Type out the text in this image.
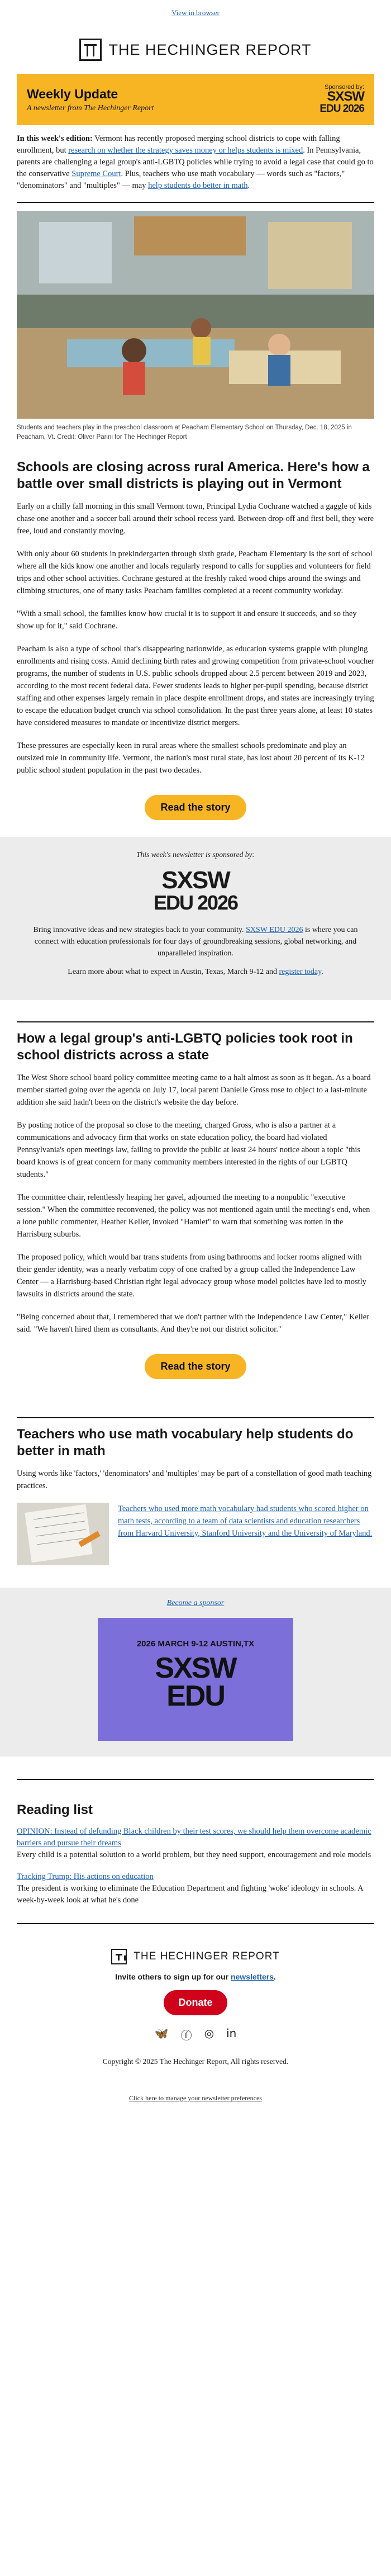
View in browser
THE HECHINGER REPORT
Weekly Update
A newsletter from The Hechinger Report
Sponsored by:
SXSW
EDU 2026
In this week's edition: Vermont has recently proposed merging school districts to cope with falling enrollment, but research on whether the strategy saves money or helps students is mixed. In Pennsylvania, parents are challenging a legal group's anti-LGBTQ policies while trying to avoid a legal case that could go to the conservative Supreme Court. Plus, teachers who use math vocabulary — words such as "factors," "denominators" and "multiples" — may help students do better in math.
Students and teachers play in the preschool classroom at Peacham Elementary School on Thursday, Dec. 18, 2025 in Peacham, Vt. Credit: Oliver Parini for The Hechinger Report
Schools are closing across rural America. Here's how a battle over small districts is playing out in Vermont

Early on a chilly fall morning in this small Vermont town, Principal Lydia Cochrane watched a gaggle of kids chase one another and a soccer ball around their school recess yard. Between drop-off and first bell, they were free, loud and constantly moving.

With only about 60 students in prekindergarten through sixth grade, Peacham Elementary is the sort of school where all the kids know one another and locals regularly respond to calls for supplies and volunteers for field trips and other school activities. Cochrane gestured at the freshly raked wood chips around the swings and climbing structures, one of many tasks Peacham families completed at a recent community workday.

"With a small school, the families know how crucial it is to support it and ensure it succeeds, and so they show up for it," said Cochrane.

Peacham is also a type of school that's disappearing nationwide, as education systems grapple with plunging enrollments and rising costs. Amid declining birth rates and growing competition from private-school voucher programs, the number of students in U.S. public schools dropped about 2.5 percent between 2019 and 2023, according to the most recent federal data. Fewer students leads to higher per-pupil spending, because district staffing and other expenses largely remain in place despite enrollment drops, and states are increasingly trying to escape the education budget crunch via school consolidation. In the past three years alone, at least 10 states have considered measures to mandate or incentivize district mergers.

These pressures are especially keen in rural areas where the smallest schools predominate and play an outsized role in community life. Vermont, the nation's most rural state, has lost about 20 percent of its K-12 public school student population in the past two decades.

Read the story
This week's newsletter is sponsored by:
SXSW
EDU 2026

Bring innovative ideas and new strategies back to your community. SXSW EDU 2026 is where you can connect with education professionals for four days of groundbreaking sessions, global networking, and unparalleled inspiration.

Learn more about what to expect in Austin, Texas, March 9-12 and register today.

How a legal group's anti-LGBTQ policies took root in school districts across a state

The West Shore school board policy committee meeting came to a halt almost as soon as it began. As a board member started going over the agenda on July 17, local parent Danielle Gross rose to object to a last-minute addition she said hadn't been on the district's website the day before.

By posting notice of the proposal so close to the meeting, charged Gross, who is also a partner at a communications and advocacy firm that works on state education policy, the board had violated Pennsylvania's open meetings law, failing to provide the public at least 24 hours' notice about a topic "this board knows is of great concern for many community members interested in the rights of our LGBTQ students."

The committee chair, relentlessly heaping her gavel, adjourned the meeting to a nonpublic "executive session." When the committee reconvened, the policy was not mentioned again until the meeting's end, when a lone public commenter, Heather Keller, invoked "Hamlet" to warn that something was rotten in the Harrisburg suburbs.

The proposed policy, which would bar trans students from using bathrooms and locker rooms aligned with their gender identity, was a nearly verbatim copy of one crafted by a group called the Independence Law Center — a Harrisburg-based Christian right legal advocacy group whose model policies have led to mostly lawsuits in districts around the state.

"Being concerned about that, I remembered that we don't partner with the Independence Law Center," Keller said. "We haven't hired them as consultants. And they're not our district solicitor."

Read the story
Teachers who use math vocabulary help students do better in math

Using words like 'factors,' 'denominators' and 'multiples' may be part of a constellation of good math teaching practices.

Teachers who used more math vocabulary had students who scored higher on math tests, according to a team of data scientists and education researchers from Harvard University, Stanford University and the University of Maryland.

Become a sponsor
2026 MARCH 9-12 AUSTIN,TX
SXSW
EDU
Reading list

OPINION: Instead of defunding Black children by their test scores, we should help them overcome academic barriers and pursue their dreams
Every child is a potential solution to a world problem, but they need support, encouragement and role models

Tracking Trump: His actions on education
The president is working to eliminate the Education Department and fighting 'woke' ideology in schools. A week-by-week look at what he's done

THE HECHINGER REPORT
Invite others to sign up for our newsletters.
Donate
🦋 ⓕ ◎ in
Copyright © 2025 The Hechinger Report, All rights reserved.
Click here to manage your newsletter preferences
